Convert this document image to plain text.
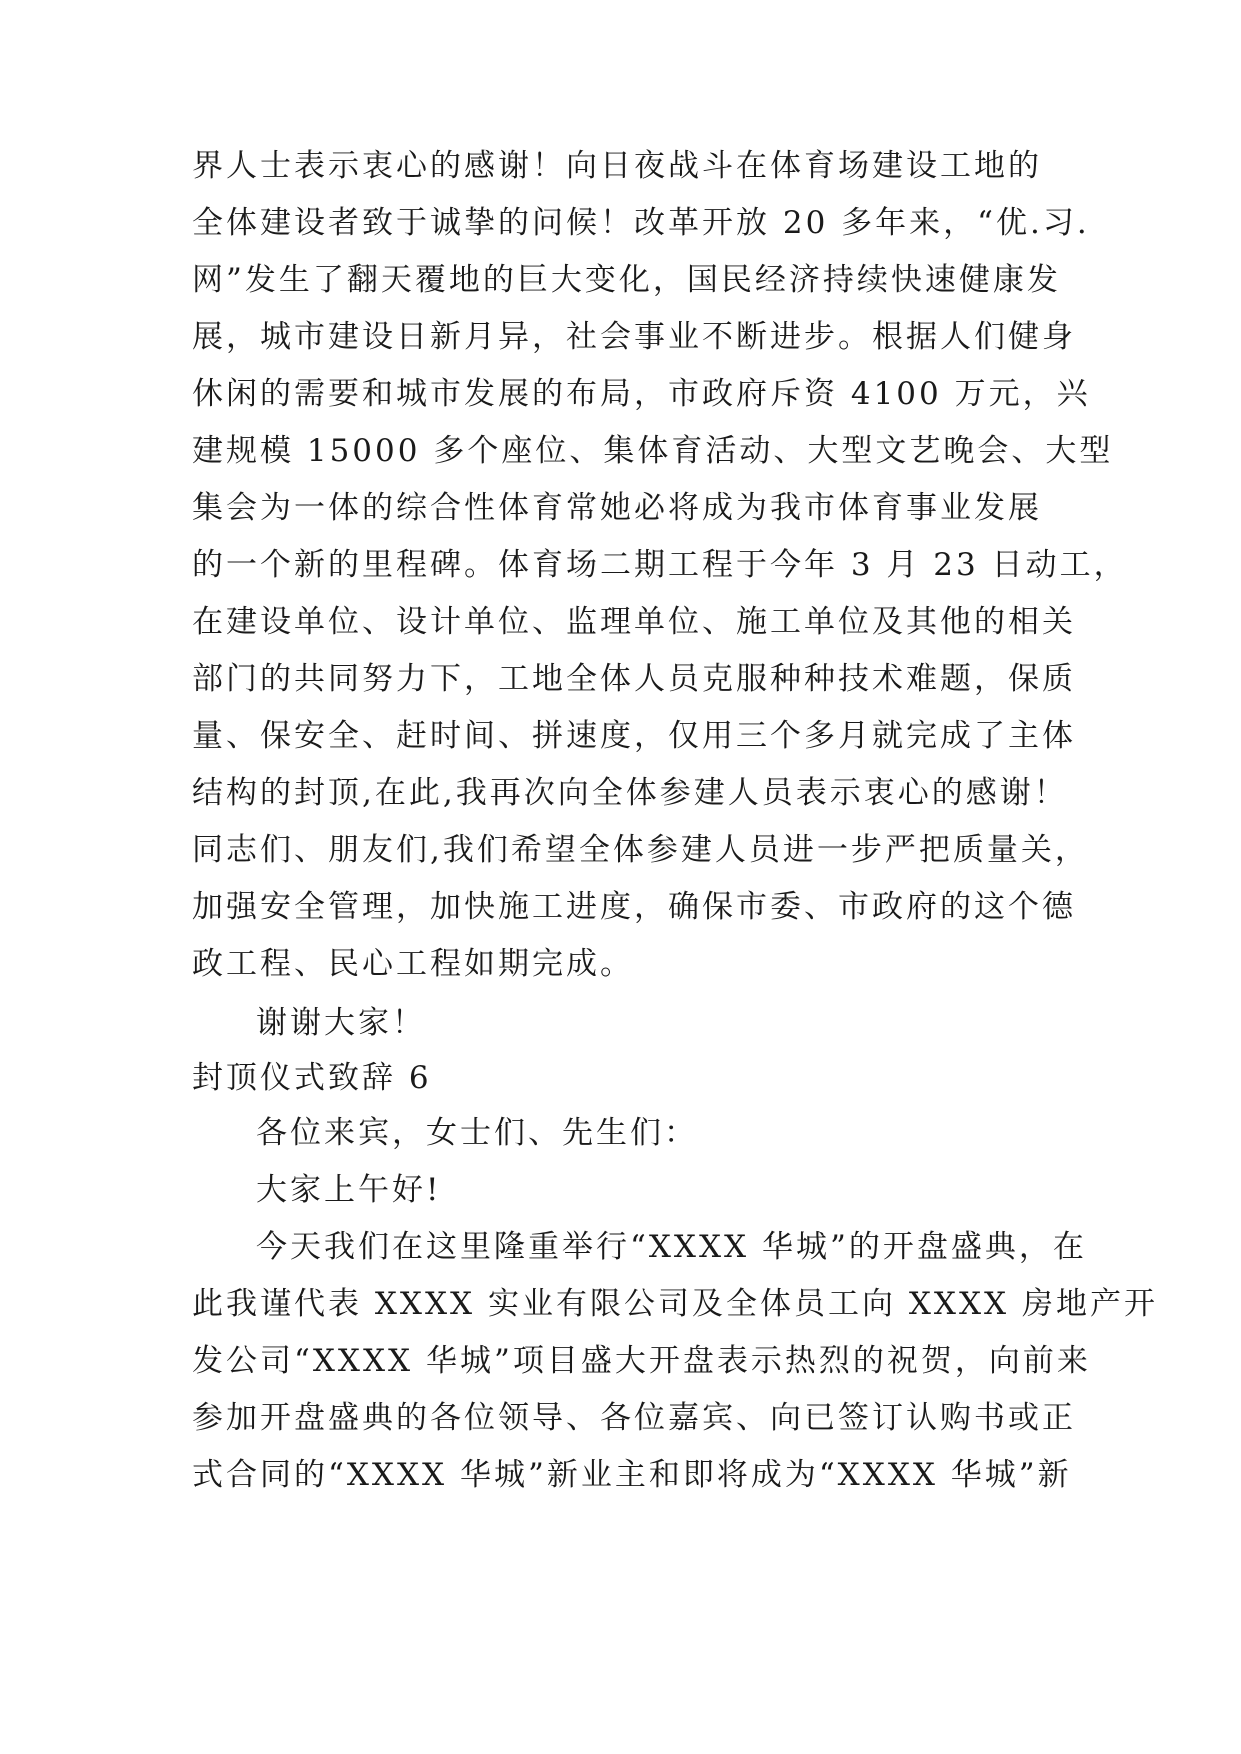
界人士表示衷心的感谢！向日夜战斗在体育场建设工地的
全体建设者致于诚挚的问候！改革开放 20 多年来，“优.习.
网”发生了翻天覆地的巨大变化，国民经济持续快速健康发
展，城市建设日新月异，社会事业不断进步。根据人们健身
休闲的需要和城市发展的布局，市政府斥资 4100 万元，兴
建规模 15000 多个座位、集体育活动、大型文艺晚会、大型
集会为一体的综合性体育常她必将成为我市体育事业发展
的一个新的里程碑。体育场二期工程于今年 3 月 23 日动工，
在建设单位、设计单位、监理单位、施工单位及其他的相关
部门的共同努力下，工地全体人员克服种种技术难题，保质
量、保安全、赶时间、拼速度，仅用三个多月就完成了主体
结构的封顶,在此,我再次向全体参建人员表示衷心的感谢！
同志们、朋友们,我们希望全体参建人员进一步严把质量关，
加强安全管理，加快施工进度，确保市委、市政府的这个德
政工程、民心工程如期完成。
谢谢大家！
封顶仪式致辞 6
各位来宾，女士们、先生们：
大家上午好!
今天我们在这里隆重举行“XXXX 华城”的开盘盛典，在
此我谨代表 XXXX 实业有限公司及全体员工向 XXXX 房地产开
发公司“XXXX 华城”项目盛大开盘表示热烈的祝贺，向前来
参加开盘盛典的各位领导、各位嘉宾、向已签订认购书或正
式合同的“XXXX 华城”新业主和即将成为“XXXX 华城”新
